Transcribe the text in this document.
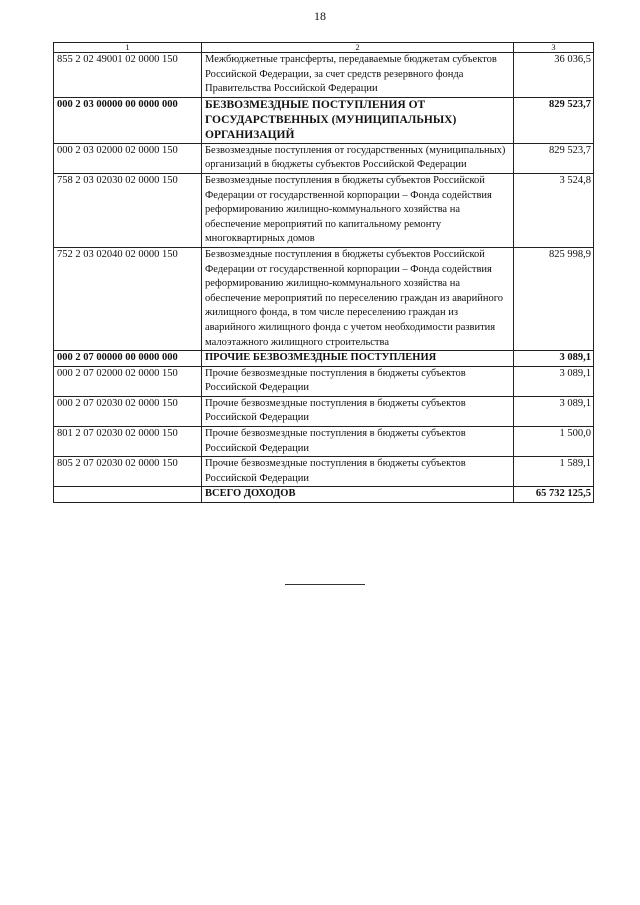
18
1	2	3
855 2 02 49001 02 0000 150	Межбюджетные трансферты, передаваемые бюджетам субъектов Российской Федерации, за счет средств резервного фонда Правительства Российской Федерации	36 036,5
000 2 03 00000 00 0000 000	БЕЗВОЗМЕЗДНЫЕ ПОСТУПЛЕНИЯ ОТ ГОСУДАРСТВЕННЫХ (МУНИЦИПАЛЬНЫХ) ОРГАНИЗАЦИЙ	829 523,7
000 2 03 02000 02 0000 150	Безвозмездные поступления от государственных (муниципальных) организаций в бюджеты субъектов Российской Федерации	829 523,7
758 2 03 02030 02 0000 150	Безвозмездные поступления в бюджеты субъектов Российской Федерации от государственной корпорации – Фонда содействия реформированию жилищно-коммунального хозяйства на обеспечение мероприятий по капитальному ремонту многоквартирных домов	3 524,8
752 2 03 02040 02 0000 150	Безвозмездные поступления в бюджеты субъектов Российской Федерации от государственной корпорации – Фонда содействия реформированию жилищно-коммунального хозяйства на обеспечение мероприятий по переселению граждан из аварийного жилищного фонда, в том числе переселению граждан из аварийного жилищного фонда с учетом необходимости развития малоэтажного жилищного строительства	825 998,9
000 2 07 00000 00 0000 000	ПРОЧИЕ БЕЗВОЗМЕЗДНЫЕ ПОСТУПЛЕНИЯ	3 089,1
000 2 07 02000 02 0000 150	Прочие безвозмездные поступления в бюджеты субъектов Российской Федерации	3 089,1
000 2 07 02030 02 0000 150	Прочие безвозмездные поступления в бюджеты субъектов Российской Федерации	3 089,1
801 2 07 02030 02 0000 150	Прочие безвозмездные поступления в бюджеты субъектов Российской Федерации	1 500,0
805 2 07 02030 02 0000 150	Прочие безвозмездные поступления в бюджеты субъектов Российской Федерации	1 589,1
	ВСЕГО ДОХОДОВ	65 732 125,5
